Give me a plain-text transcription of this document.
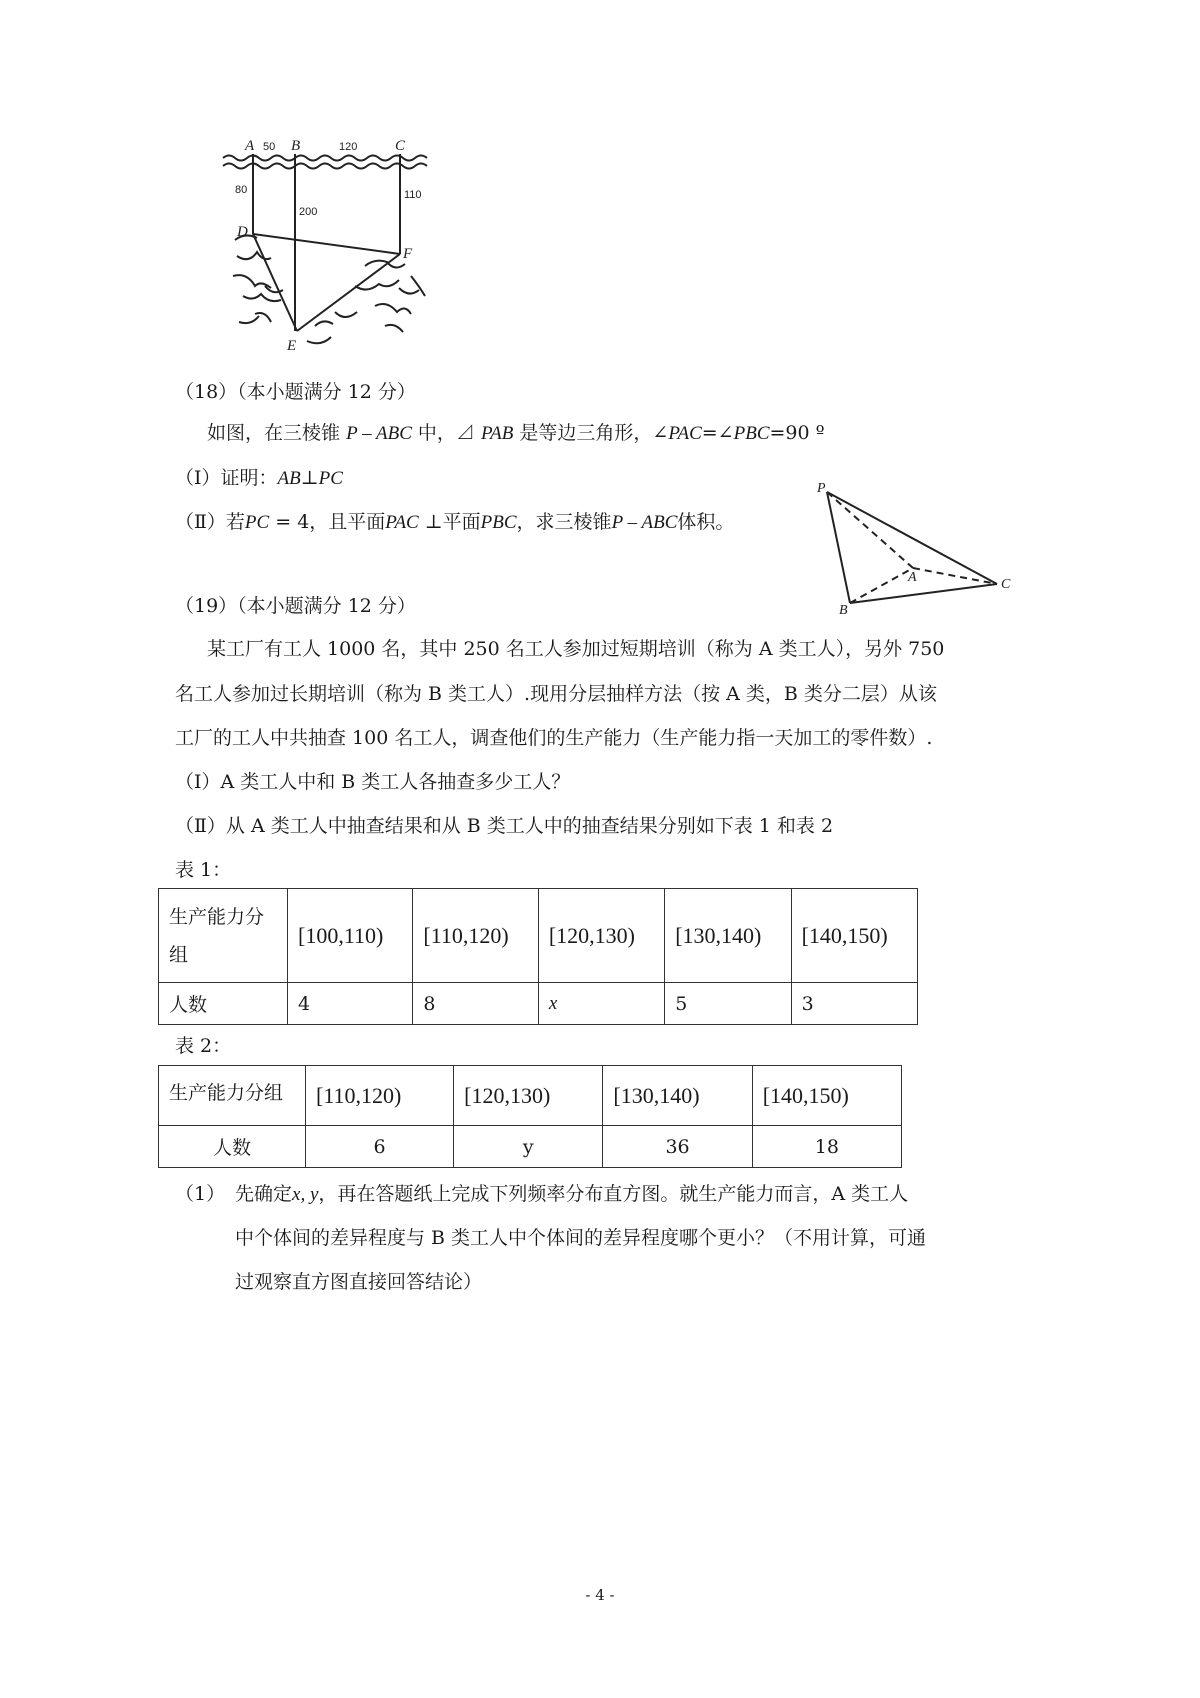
A B	C
D
E
F
50	120
80
200
110
（18）（本小题满分 12 分）
如图，在三棱锥 P – ABC 中，⊿ PAB 是等边三角形，∠PAC=∠PBC=90 º
（Ⅰ）证明：AB⊥PC
（Ⅱ）若PC = 4，且平面PAC ⊥平面PBC，求三棱锥P – ABC体积。
P
A
B
C
（19）（本小题满分 12 分）
某工厂有工人 1000 名，其中 250 名工人参加过短期培训（称为 A 类工人），另外 750
名工人参加过长期培训（称为 B 类工人）.现用分层抽样方法（按 A 类，B 类分二层）从该
工厂的工人中共抽查 100 名工人，调查他们的生产能力（生产能力指一天加工的零件数）.
（Ⅰ）A 类工人中和 B 类工人各抽查多少工人？
（Ⅱ）从 A 类工人中抽查结果和从 B 类工人中的抽查结果分别如下表 1 和表 2
表 1：
生产能力分
组	[100,110)	[110,120)	[120,130)	[130,140)	[140,150)
人数	4	8	x	5	3
表 2：
生产能力分组	[110,120)	[120,130)	[130,140)	[140,150)
人数	6	y	36	18
（1） 先确定x, y，再在答题纸上完成下列频率分布直方图。就生产能力而言，A 类工人
中个体间的差异程度与 B 类工人中个体间的差异程度哪个更小？（不用计算，可通
过观察直方图直接回答结论）
- 4 -
